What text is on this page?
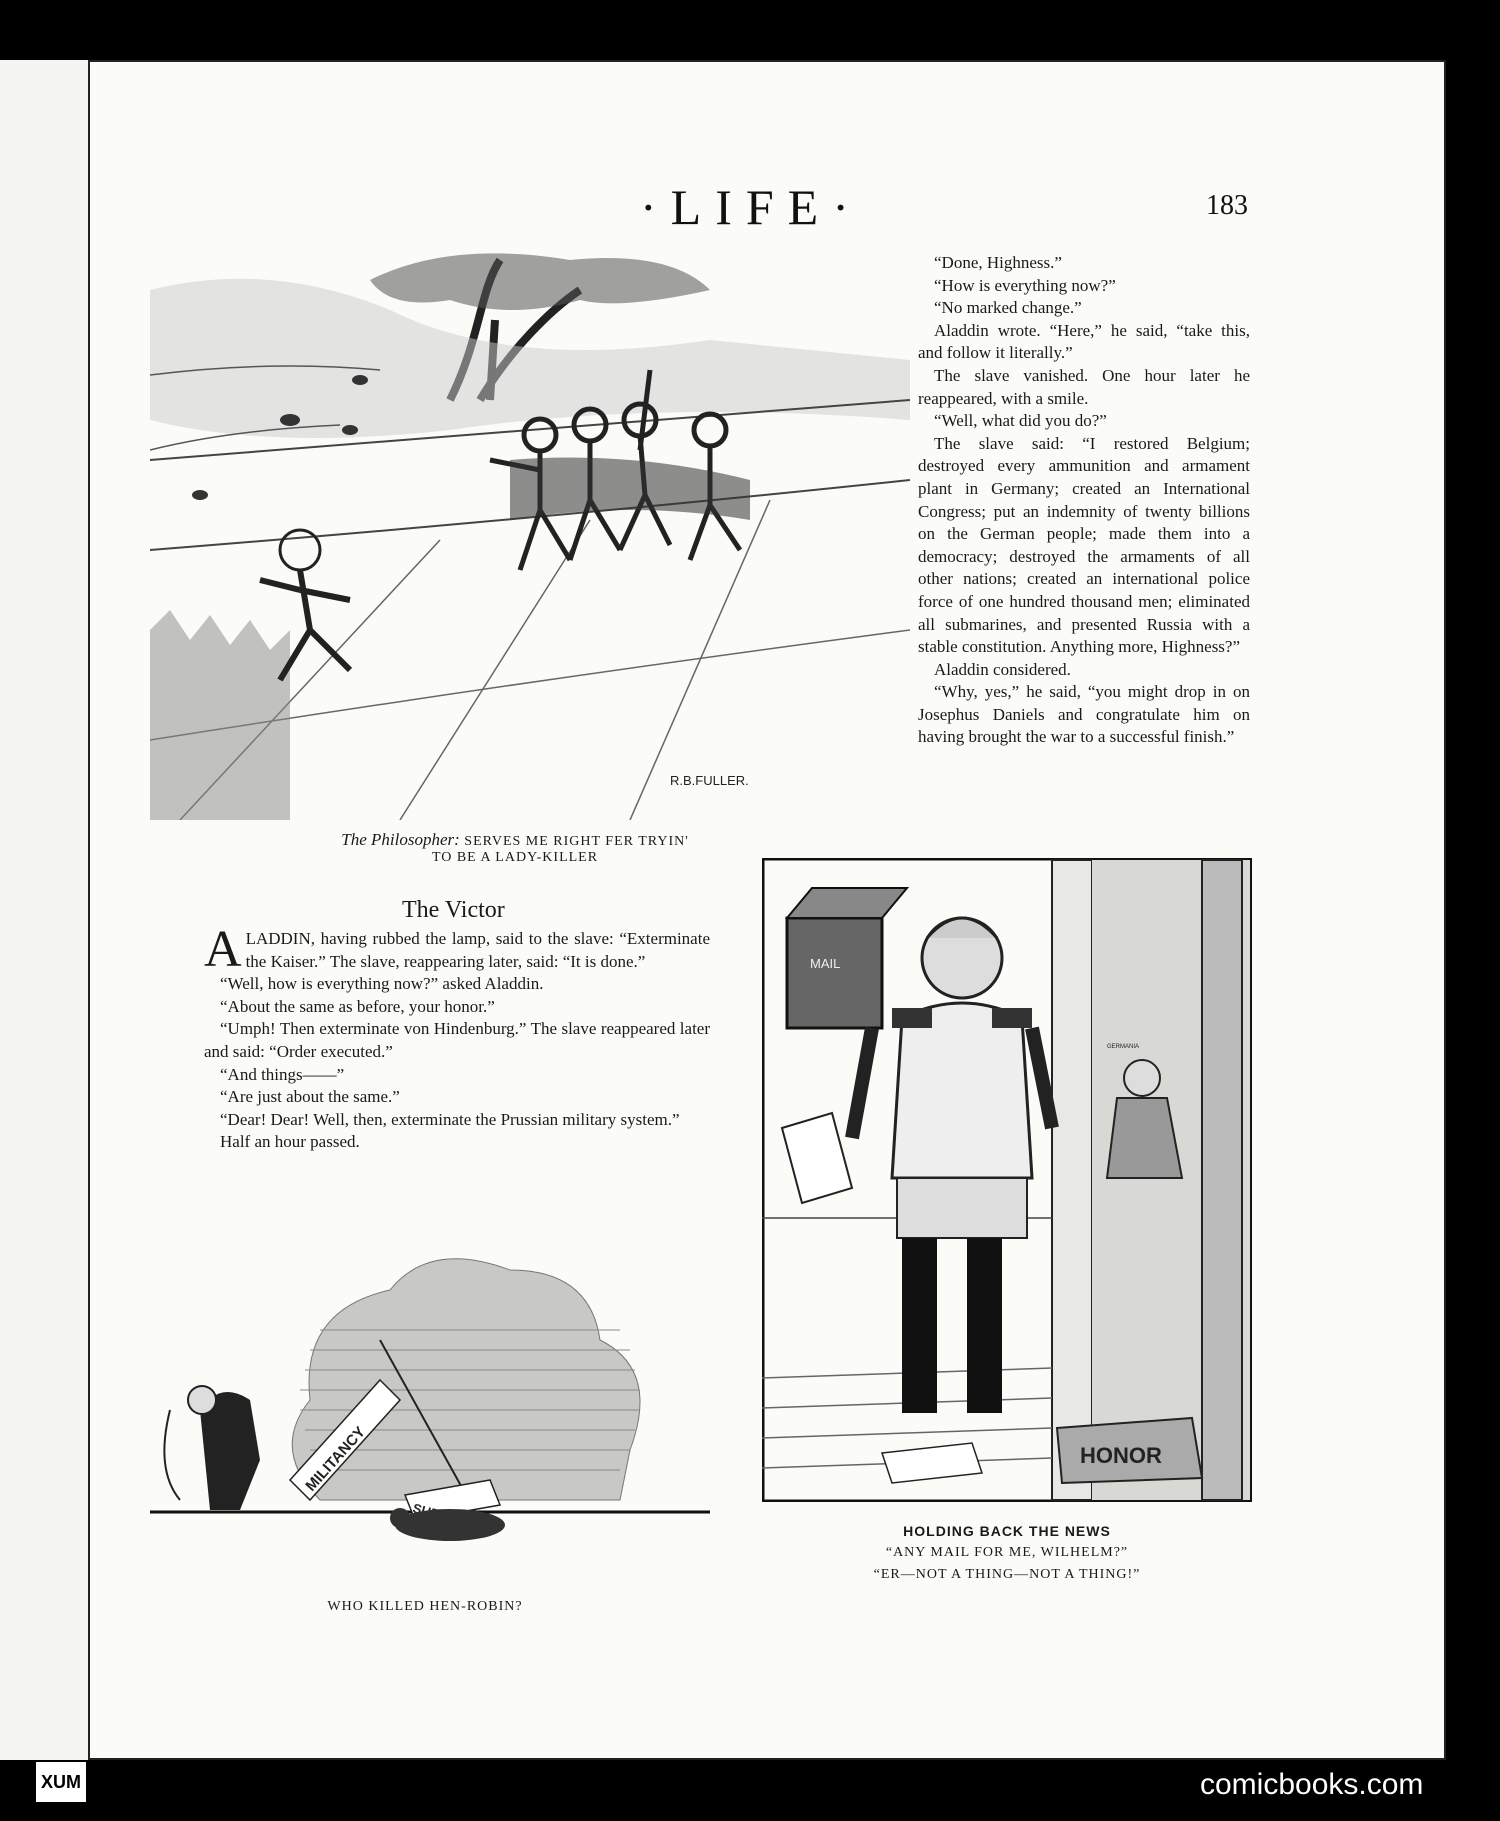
·LIFE·	183
R.B.FULLER.
The Philosopher: SERVES ME RIGHT FER TRYIN'
TO BE A LADY-KILLER

“Done, Highness.”

“How is everything now?”

“No marked change.”

Aladdin wrote. “Here,” he said, “take this, and follow it literally.”

The slave vanished. One hour later he reappeared, with a smile.

“Well, what did you do?”

The slave said: “I restored Belgium; destroyed every ammunition and armament plant in Germany; created an International Congress; put an indemnity of twenty billions on the German people; made them into a democracy; destroyed the armaments of all other nations; created an international police force of one hundred thousand men; eliminated all submarines, and presented Russia with a stable constitution. Anything more, Highness?”

Aladdin considered.

“Why, yes,” he said, “you might drop in on Josephus Daniels and congratulate him on having brought the war to a successful finish.”

The Victor

ALADDIN, having rubbed the lamp, said to the slave: “Exterminate the Kaiser.” The slave, reappearing later, said: “It is done.”

“Well, how is everything now?” asked Aladdin.

“About the same as before, your honor.”

“Umph! Then exterminate von Hindenburg.” The slave reappeared later and said: “Order executed.”

“And things——”

“Are just about the same.”

“Dear! Dear! Well, then, exterminate the Prussian military system.”

Half an hour passed.

MAIL
GERMANIA
HONOR
HOLDING BACK THE NEWS
“ANY MAIL FOR ME, WILHELM?”
“ER—NOT A THING—NOT A THING!”
MILITANCY
WHO KILLED HEN-ROBIN?
XUM	comicbooks.com
